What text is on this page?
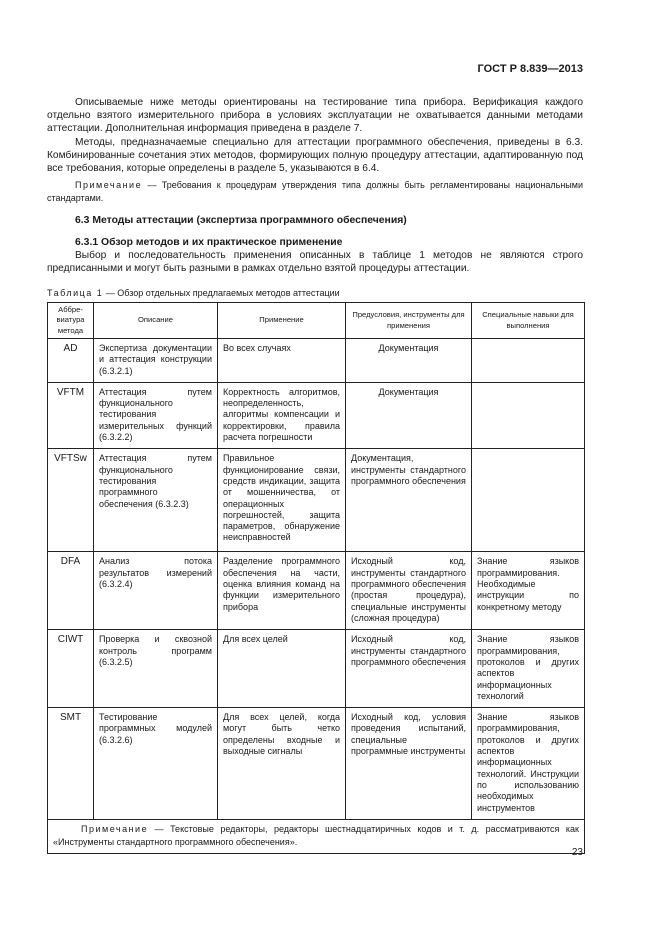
ГОСТ Р 8.839—2013
Описываемые ниже методы ориентированы на тестирование типа прибора. Верификация каждого отдельно взятого измерительного прибора в условиях эксплуатации не охватывается данными методами аттестации. Дополнительная информация приведена в разделе 7.
Методы, предназначаемые специально для аттестации программного обеспечения, приведены в 6.3. Комбинированные сочетания этих методов, формирующих полную процедуру аттестации, адаптированную под все требования, которые определены в разделе 5, указываются в 6.4.
Примечание — Требования к процедурам утверждения типа должны быть регламентированы национальными стандартами.
6.3 Методы аттестации (экспертиза программного обеспечения)
6.3.1 Обзор методов и их практическое применение
Выбор и последовательность применения описанных в таблице 1 методов не являются строго предписанными и могут быть разными в рамках отдельно взятой процедуры аттестации.
Таблица 1 — Обзор отдельных предлагаемых методов аттестации
Аббре-виатура метода	Описание	Применение	Предусловия, инструменты для применения	Специальные навыки для выполнения
AD	Экспертиза документации и аттестация конструкции (6.3.2.1)	Во всех случаях	Документация	
VFTM	Аттестация путем функционального тестирования измерительных функций (6.3.2.2)	Корректность алгоритмов, неопределенность, алгоритмы компенсации и корректировки, правила расчета погрешности	Документация	
VFTSw	Аттестация путем функционального тестирования программного обеспечения (6.3.2.3)	Правильное функционирование связи, средств индикации, защита от мошенничества, от операционных погрешностей, защита параметров, обнаружение неисправностей	Документация, инструменты стандартного программного обеспечения	
DFA	Анализ потока результатов измерений (6.3.2.4)	Разделение программного обеспечения на части, оценка влияния команд на функции измерительного прибора	Исходный код, инструменты стандартного программного обеспечения (простая процедура), специальные инструменты (сложная процедура)	Знание языков программирования. Необходимые инструкции по конкретному методу
CIWT	Проверка и сквозной контроль программ (6.3.2.5)	Для всех целей	Исходный код, инструменты стандартного программного обеспечения	Знание языков программирования, протоколов и других аспектов информационных технологий
SMT	Тестирование программных модулей (6.3.2.6)	Для всех целей, когда могут быть четко определены входные и выходные сигналы	Исходный код, условия проведения испытаний, специальные программные инструменты	Знание языков программирования, протоколов и других аспектов информационных технологий. Инструкции по использованию необходимых инструментов
Примечание — Текстовые редакторы, редакторы шестнадцатиричных кодов и т. д. рассматриваются как «Инструменты стандартного программного обеспечения».				
23
